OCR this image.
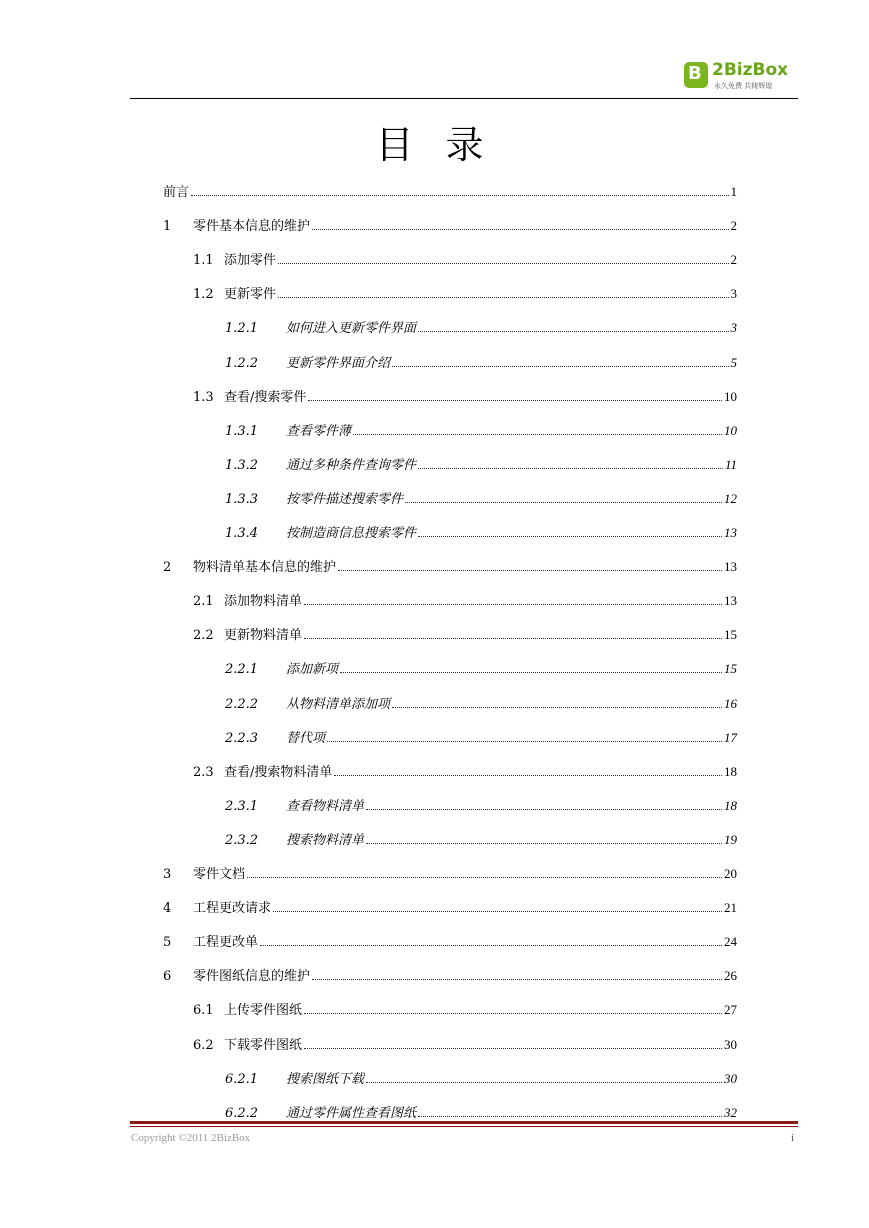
B 2BizBox
永久免费 共铸辉煌
目 录
前言	1
1	零件基本信息的维护	2
1.1 添加零件	2
1.2 更新零件	3
1.2.1	如何进入更新零件界面	3
1.2.2	更新零件界面介绍	5
1.3 查看/搜索零件	10
1.3.1	查看零件薄	10
1.3.2	通过多种条件查询零件	11
1.3.3	按零件描述搜索零件	12
1.3.4	按制造商信息搜索零件	13
2	物料清单基本信息的维护	13
2.1 添加物料清单	13
2.2 更新物料清单	15
2.2.1	添加新项	15
2.2.2	从物料清单添加项	16
2.2.3	替代项	17
2.3 查看/搜索物料清单	18
2.3.1	查看物料清单	18
2.3.2	搜索物料清单	19
3	零件文档	20
4	工程更改请求	21
5	工程更改单	24
6	零件图纸信息的维护	26
6.1 上传零件图纸	27
6.2 下载零件图纸	30
6.2.1	搜索图纸下载	30
6.2.2	通过零件属性查看图纸	32
Copyright ©2011 2BizBox	i
